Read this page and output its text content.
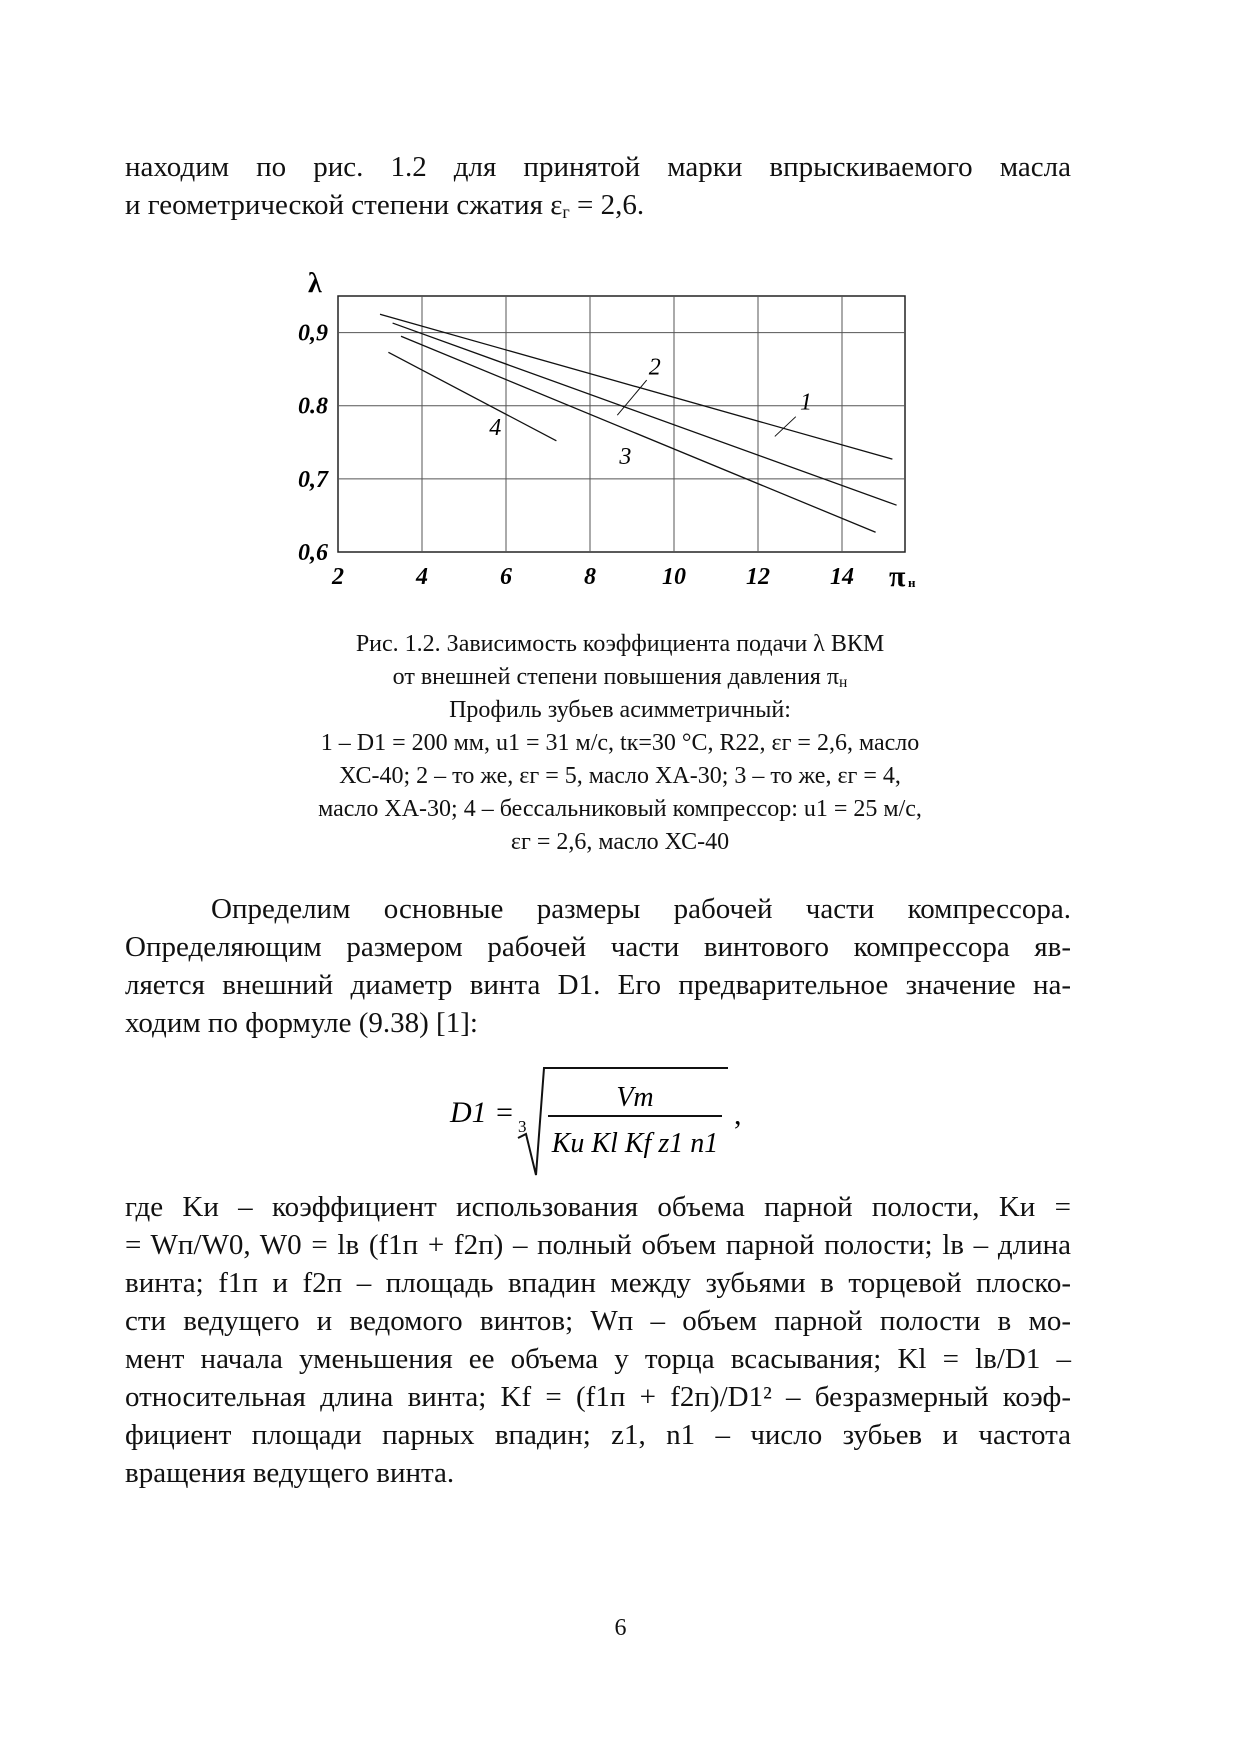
находим по рис. 1.2 для принятой марки впрыскиваемого масла
и геометрической степени сжатия $\varepsilon_г = 2,6$.
2	4	6	8	10	12	14
0,6
0,7
0.8
0,9
λ
π н
1
2
3
4
Рис. 1.2. Зависимость коэффициента подачи λ ВКМ
от внешней степени повышения давления $\pi_н$
Профиль зубьев асимметричный:
1 – D1 = 200 мм, u1 = 31 м/с, tк=30 °С, R22, εг = 2,6, масло
ХС-40; 2 – то же, εг = 5, масло ХА-30; 3 – то же, εг = 4,
масло ХА-30; 4 – бессальниковый компрессор: u1 = 25 м/с,
εг = 2,6, масло ХС-40
Определим основные размеры рабочей части компрессора.
Определяющим размером рабочей части винтового компрессора яв-
ляется внешний диаметр винта D1. Его предварительное значение на-
ходим по формуле (9.38) [1]:
D1 = 3
Vт
Kи Kl Kf z1 n1
,
где Kи – коэффициент использования объема парной полости, Kи =
= Wп/W0, W0 = lв (f1п + f2п) – полный объем парной полости; lв – длина
винта; f1п и f2п – площадь впадин между зубьями в торцевой плоско-
сти ведущего и ведомого винтов; Wп – объем парной полости в мо-
мент начала уменьшения ее объема у торца всасывания; Kl = lв/D1 –
относительная длина винта; Kf = (f1п + f2п)/D1² – безразмерный коэф-
фициент площади парных впадин; z1, n1 – число зубьев и частота
вращения ведущего винта.
6
